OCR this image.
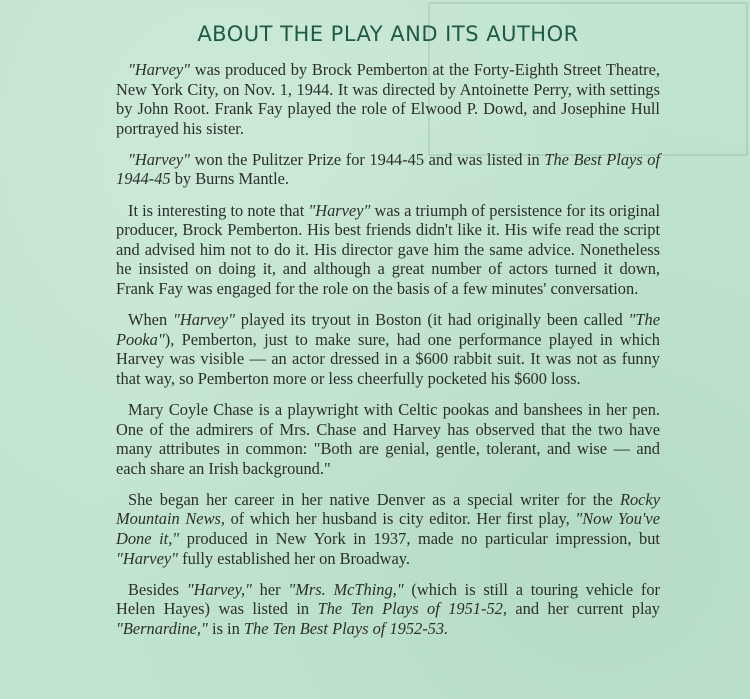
ABOUT THE PLAY AND ITS AUTHOR

"Harvey" was produced by Brock Pemberton at the Forty-Eighth Street Theatre, New York City, on Nov. 1, 1944. It was directed by Antoinette Perry, with settings by John Root. Frank Fay played the role of Elwood P. Dowd, and Josephine Hull portrayed his sister.

"Harvey" won the Pulitzer Prize for 1944-45 and was listed in The Best Plays of 1944-45 by Burns Mantle.

It is interesting to note that "Harvey" was a triumph of persistence for its original producer, Brock Pemberton. His best friends didn't like it. His wife read the script and advised him not to do it. His director gave him the same advice. Nonetheless he insisted on doing it, and although a great number of actors turned it down, Frank Fay was engaged for the role on the basis of a few minutes' conversation.

When "Harvey" played its tryout in Boston (it had originally been called "The Pooka"), Pemberton, just to make sure, had one performance played in which Harvey was visible — an actor dressed in a $600 rabbit suit. It was not as funny that way, so Pemberton more or less cheerfully pocketed his $600 loss.

Mary Coyle Chase is a playwright with Celtic pookas and banshees in her pen. One of the admirers of Mrs. Chase and Harvey has observed that the two have many attributes in common: "Both are genial, gentle, tolerant, and wise — and each share an Irish background."

She began her career in her native Denver as a special writer for the Rocky Mountain News, of which her husband is city editor. Her first play, "Now You've Done it," produced in New York in 1937, made no particular impression, but "Harvey" fully established her on Broadway.

Besides "Harvey," her "Mrs. McThing," (which is still a touring vehicle for Helen Hayes) was listed in The Ten Plays of 1951-52, and her current play "Bernardine," is in The Ten Best Plays of 1952-53.
